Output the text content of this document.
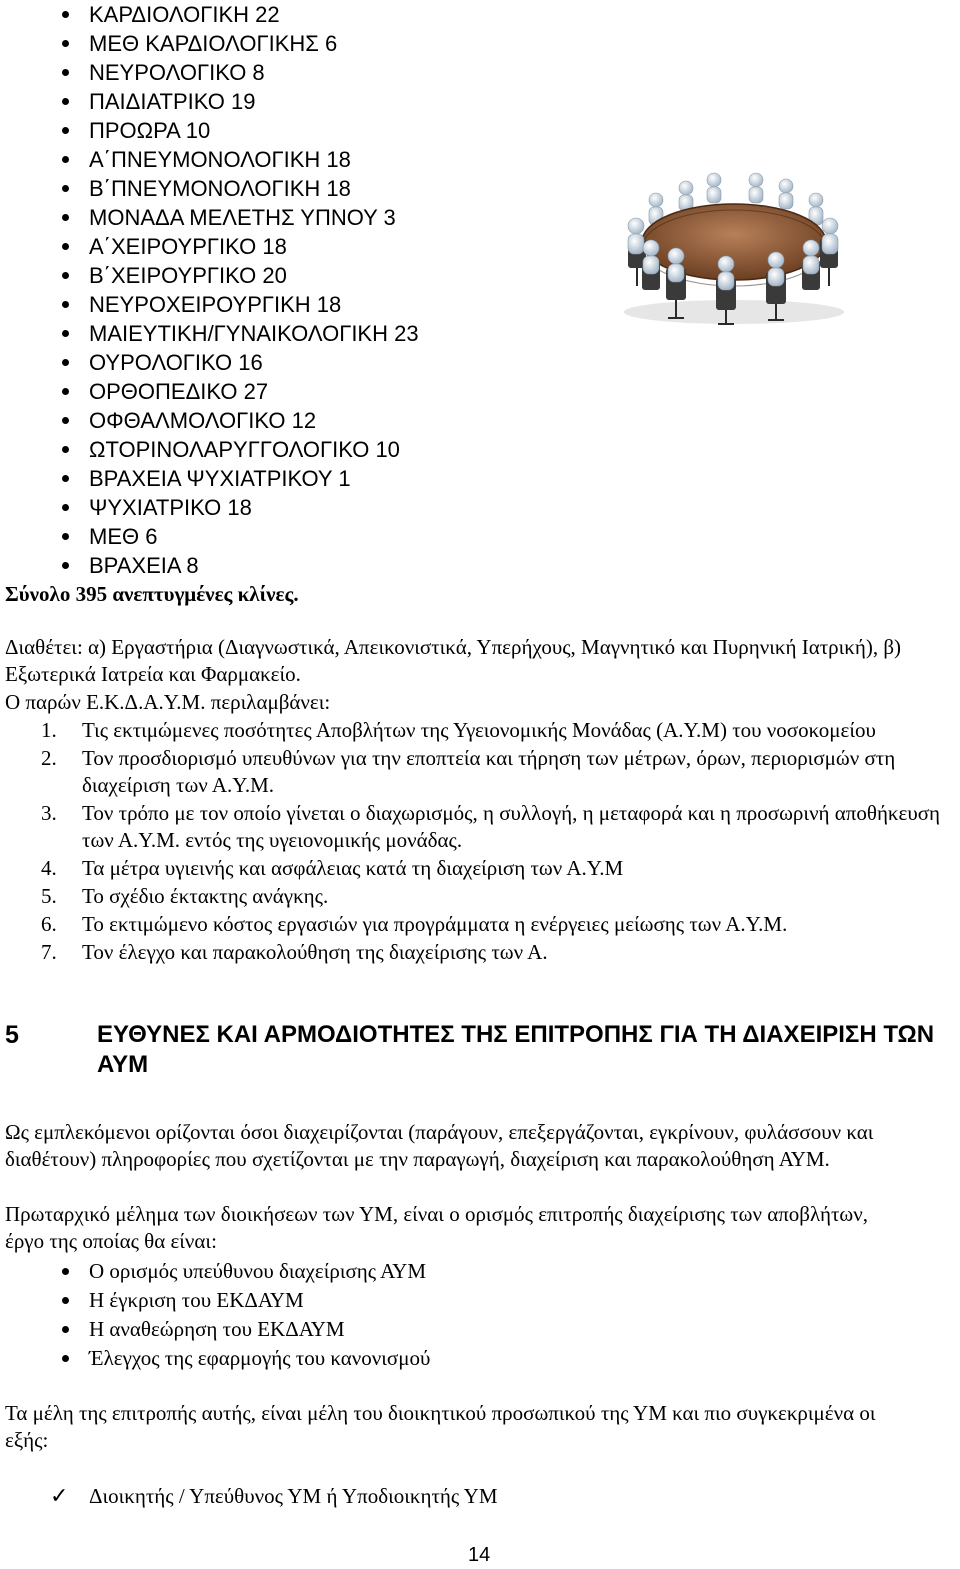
ΚΑΡΔΙΟΛΟΓΙΚΗ 22
ΜΕΘ ΚΑΡΔΙΟΛΟΓΙΚΗΣ 6
ΝΕΥΡΟΛΟΓΙΚΟ 8
ΠΑΙΔΙΑΤΡΙΚΟ 19
ΠΡΟΩΡΑ 10
Α΄ΠΝΕΥΜΟΝΟΛΟΓΙΚΗ 18
Β΄ΠΝΕΥΜΟΝΟΛΟΓΙΚΗ 18
ΜΟΝΑΔΑ ΜΕΛΕΤΗΣ ΥΠΝΟΥ 3
Α΄ΧΕΙΡΟΥΡΓΙΚΟ 18
Β΄ΧΕΙΡΟΥΡΓΙΚΟ 20
ΝΕΥΡΟΧΕΙΡΟΥΡΓΙΚΗ 18
ΜΑΙΕΥΤΙΚΗ/ΓΥΝΑΙΚΟΛΟΓΙΚΗ 23
ΟΥΡΟΛΟΓΙΚΟ 16
ΟΡΘΟΠΕΔΙΚΟ 27
ΟΦΘΑΛΜΟΛΟΓΙΚΟ 12
ΩΤΟΡΙΝΟΛΑΡΥΓΓΟΛΟΓΙΚΟ 10
ΒΡΑΧΕΙΑ ΨΥΧΙΑΤΡΙΚΟΥ 1
ΨΥΧΙΑΤΡΙΚΟ 18
ΜΕΘ 6
ΒΡΑΧΕΙΑ 8
Σύνολο 395 ανεπτυγμένες κλίνες.

Διαθέτει: α) Εργαστήρια (Διαγνωστικά, Απεικονιστικά, Υπερήχους, Μαγνητικό και Πυρηνική Ιατρική), β) Εξωτερικά Ιατρεία και Φαρμακείο.

Ο παρών Ε.Κ.Δ.Α.Υ.Μ. περιλαμβάνει:

1. Τις εκτιμώμενες ποσότητες Αποβλήτων της Υγειονομικής Μονάδας (Α.Υ.Μ) του νοσοκομείου
2. Τον προσδιορισμό υπευθύνων για την εποπτεία και τήρηση των μέτρων, όρων, περιορισμών στη διαχείριση των Α.Υ.Μ.
3. Τον τρόπο με τον οποίο γίνεται ο διαχωρισμός, η συλλογή, η μεταφορά και η προσωρινή αποθήκευση των Α.Υ.Μ. εντός της υγειονομικής μονάδας.
4. Τα μέτρα υγιεινής και ασφάλειας κατά τη διαχείριση των Α.Υ.Μ
5. Το σχέδιο έκτακτης ανάγκης.
6. Το εκτιμώμενο κόστος εργασιών για προγράμματα η ενέργειες μείωσης των Α.Υ.Μ.
7. Τον έλεγχο και παρακολούθηση της διαχείρισης των Α.
5	ΕΥΘΥΝΕΣ ΚΑΙ ΑΡΜΟΔΙΟΤΗΤΕΣ ΤΗΣ ΕΠΙΤΡΟΠΗΣ ΓΙΑ ΤΗ ΔΙΑΧΕΙΡΙΣΗ ΤΩΝ ΑΥΜ

Ως εμπλεκόμενοι ορίζονται όσοι διαχειρίζονται (παράγουν, επεξεργάζονται, εγκρίνουν, φυλάσσουν και διαθέτουν) πληροφορίες που σχετίζονται με την παραγωγή, διαχείριση και παρακολούθηση ΑΥΜ.

Πρωταρχικό μέλημα των διοικήσεων των ΥΜ, είναι ο ορισμός επιτροπής διαχείρισης των αποβλήτων, έργο της οποίας θα είναι:

Ο ορισμός υπεύθυνου διαχείρισης ΑΥΜ
Η έγκριση του ΕΚΔΑΥΜ
Η αναθεώρηση του ΕΚΔΑΥΜ
Έλεγχος της εφαρμογής του κανονισμού

Τα μέλη της επιτροπής αυτής, είναι μέλη του διοικητικού προσωπικού της ΥΜ και πιο συγκεκριμένα οι εξής:

✓ Διοικητής / Υπεύθυνος ΥΜ ή Υποδιοικητής ΥΜ
14
